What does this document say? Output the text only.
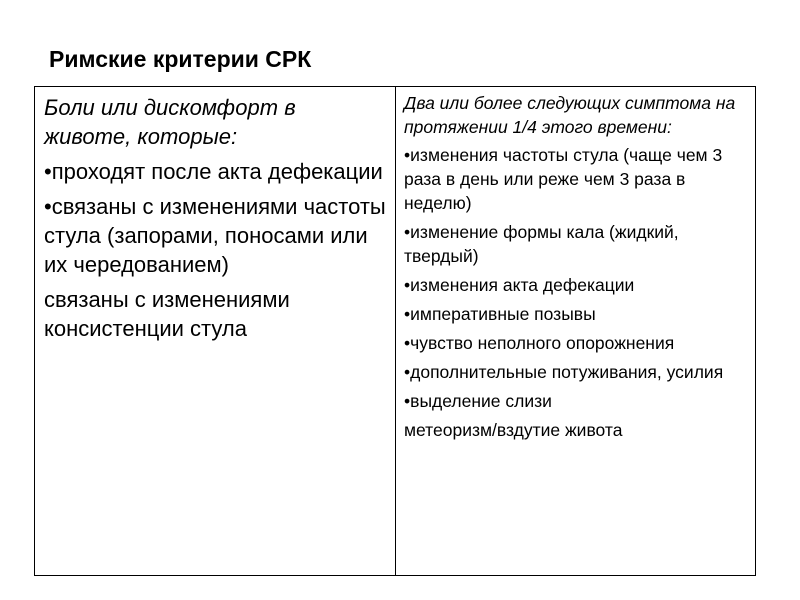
Римские критерии СРК
Боли или дискомфорт в животе, которые:
•проходят после акта дефекации
•связаны с изменениями частоты стула (запорами, поносами или их чередованием)
связаны с изменениями консистенции стула

Два или более следующих симптома на протяжении 1/4 этого времени:
•изменения частоты стула (чаще чем 3 раза в день или реже чем 3 раза в неделю)
•изменение формы кала (жидкий, твердый)
•изменения акта дефекации
•императивные позывы
•чувство неполного опорожнения
•дополнительные потуживания, усилия
•выделение слизи
метеоризм/вздутие живота
